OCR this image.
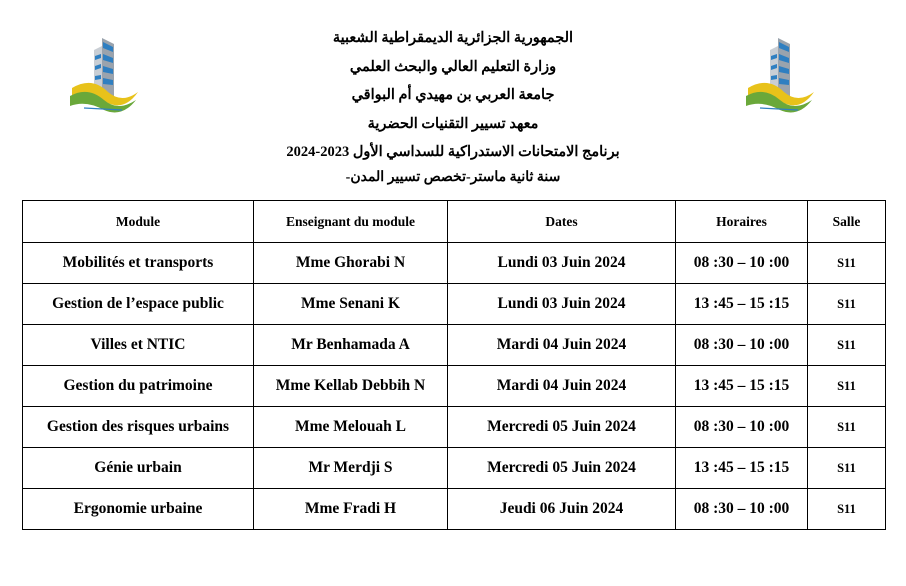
الجمهورية الجزائرية الديمقراطية الشعبية
وزارة التعليم العالي والبحث العلمي
جامعة العربي بن مهيدي أم البواقي
معهد تسيير التقنيات الحضرية
برنامج الامتحانات الاستدراكية للسداسي الأول 2023-2024
سنة ثانية ماستر-تخصص تسيير المدن-
Module	Enseignant du module	Dates	Horaires	Salle
Mobilités et transports	Mme Ghorabi N	Lundi 03 Juin 2024	08 :30 – 10 :00	S11
Gestion de l’espace public	Mme Senani K	Lundi 03 Juin 2024	13 :45 – 15 :15	S11
Villes et NTIC	Mr Benhamada A	Mardi 04 Juin 2024	08 :30 – 10 :00	S11
Gestion du patrimoine	Mme Kellab Debbih N	Mardi 04 Juin 2024	13 :45 – 15 :15	S11
Gestion des risques urbains	Mme Melouah L	Mercredi 05 Juin 2024	08 :30 – 10 :00	S11
Génie urbain	Mr Merdji S	Mercredi 05 Juin 2024	13 :45 – 15 :15	S11
Ergonomie urbaine	Mme Fradi H	Jeudi 06 Juin 2024	08 :30 – 10 :00	S11
